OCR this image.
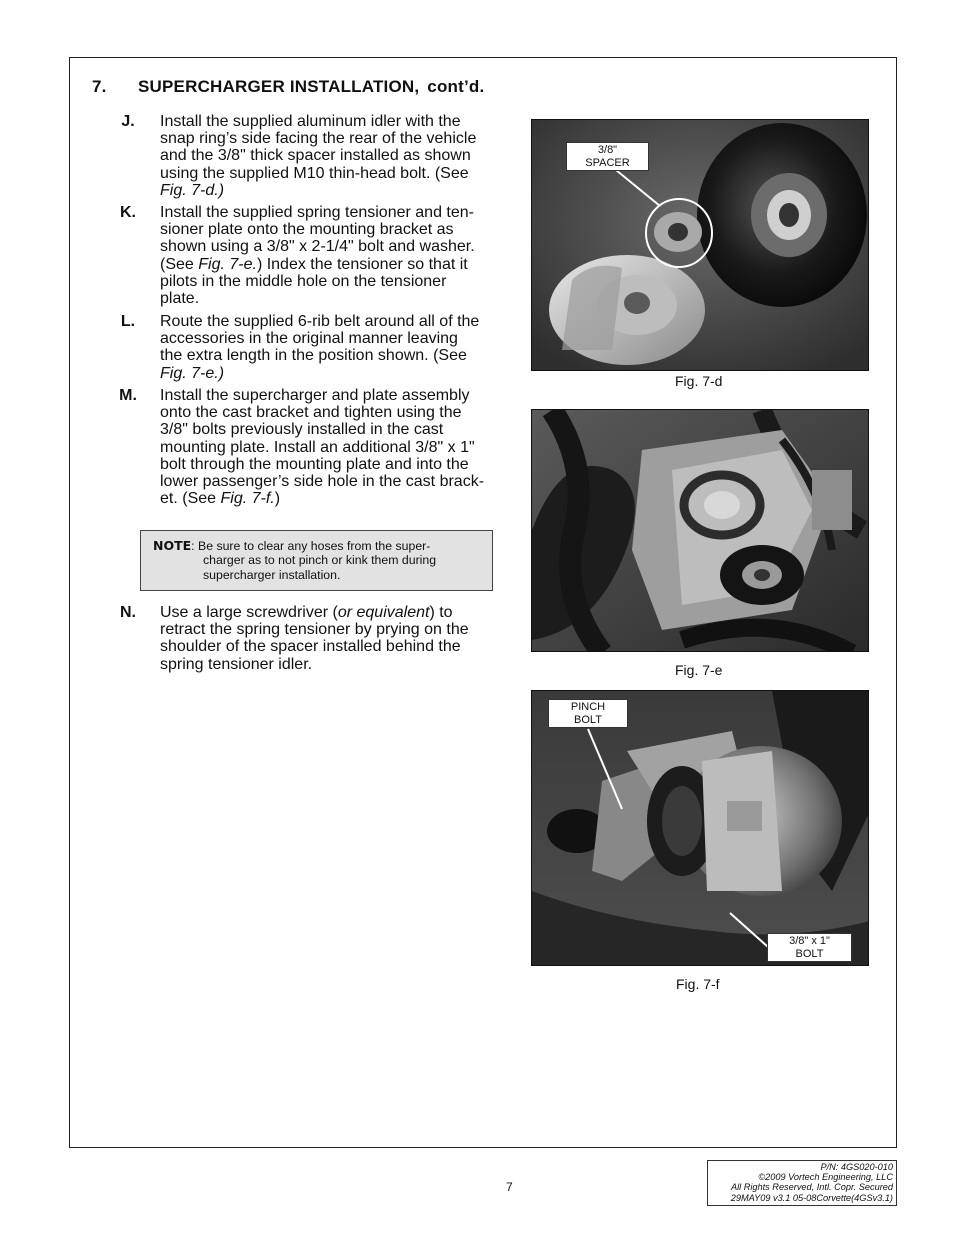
7. SUPERCHARGER INSTALLATION, cont’d.
J.	Install the supplied aluminum idler with the
snap ring’s side facing the rear of the vehicle
and the 3/8" thick spacer installed as shown
using the supplied M10 thin-head bolt. (See
Fig. 7-d.)
K.	Install the supplied spring tensioner and ten-
sioner plate onto the mounting bracket as
shown using a 3/8" x 2-1/4" bolt and washer.
(See Fig. 7-e.) Index the tensioner so that it
pilots in the middle hole on the tensioner
plate.
L.	Route the supplied 6-rib belt around all of the
accessories in the original manner leaving
the extra length in the position shown. (See
Fig. 7-e.)
M.	Install the supercharger and plate assembly
onto the cast bracket and tighten using the
3/8" bolts previously installed in the cast
mounting plate. Install an additional 3/8" x 1"
bolt through the mounting plate and into the
lower passenger’s side hole in the cast brack-
et. (See Fig. 7-f.)
NOTE: Be sure to clear any hoses from the super-
charger as to not pinch or kink them during
supercharger installation.
N.	Use a large screwdriver (or equivalent) to
retract the spring tensioner by prying on the
shoulder of the spacer installed behind the
spring tensioner idler.
3/8"
SPACER
Fig. 7-d
Fig. 7-e
PINCH
BOLT
3/8" x 1"
BOLT
Fig. 7-f
7
P/N: 4GS020-010
©2009 Vortech Engineering, LLC
All Rights Reserved, Intl. Copr. Secured
29MAY09 v3.1 05-08Corvette(4GSv3.1)
